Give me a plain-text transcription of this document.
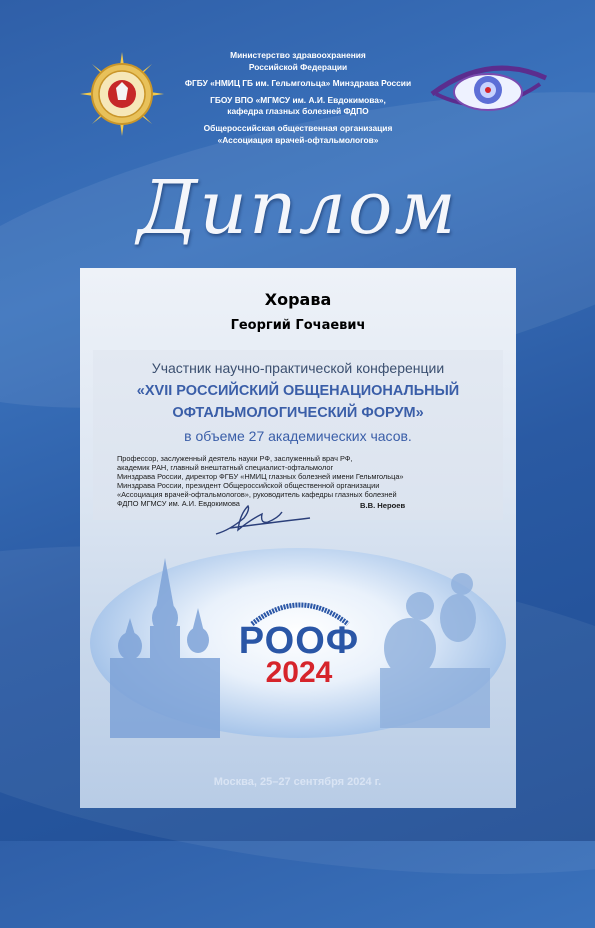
Министерство здравоохранения
Российской Федерации
ФГБУ «НМИЦ ГБ им. Гельмгольца» Минздрава России
ГБОУ ВПО «МГМСУ им. А.И. Евдокимова»,
кафедра глазных болезней ФДПО
Общероссийская общественная организация
«Ассоциация врачей-офтальмологов»
Диплом
Хорава
Георгий Гочаевич
Участник научно-практической конференции
«XVII РОССИЙСКИЙ ОБЩЕНАЦИОНАЛЬНЫЙ
ОФТАЛЬМОЛОГИЧЕСКИЙ ФОРУМ»
в объеме 27 академических часов.
Профессор, заслуженный деятель науки РФ, заслуженный врач РФ,
академик РАН, главный внештатный специалист-офтальмолог
Минздрава России, директор ФГБУ «НМИЦ глазных болезней имени Гельмгольца»
Минздрава России, президент Общероссийской общественной организации
«Ассоциация врачей-офтальмологов», руководитель кафедры глазных болезней
ФДПО МГМСУ им. А.И. Евдокимова	В.В. Нероев
РООФ
2024
Москва, 25–27 сентября 2024 г.
